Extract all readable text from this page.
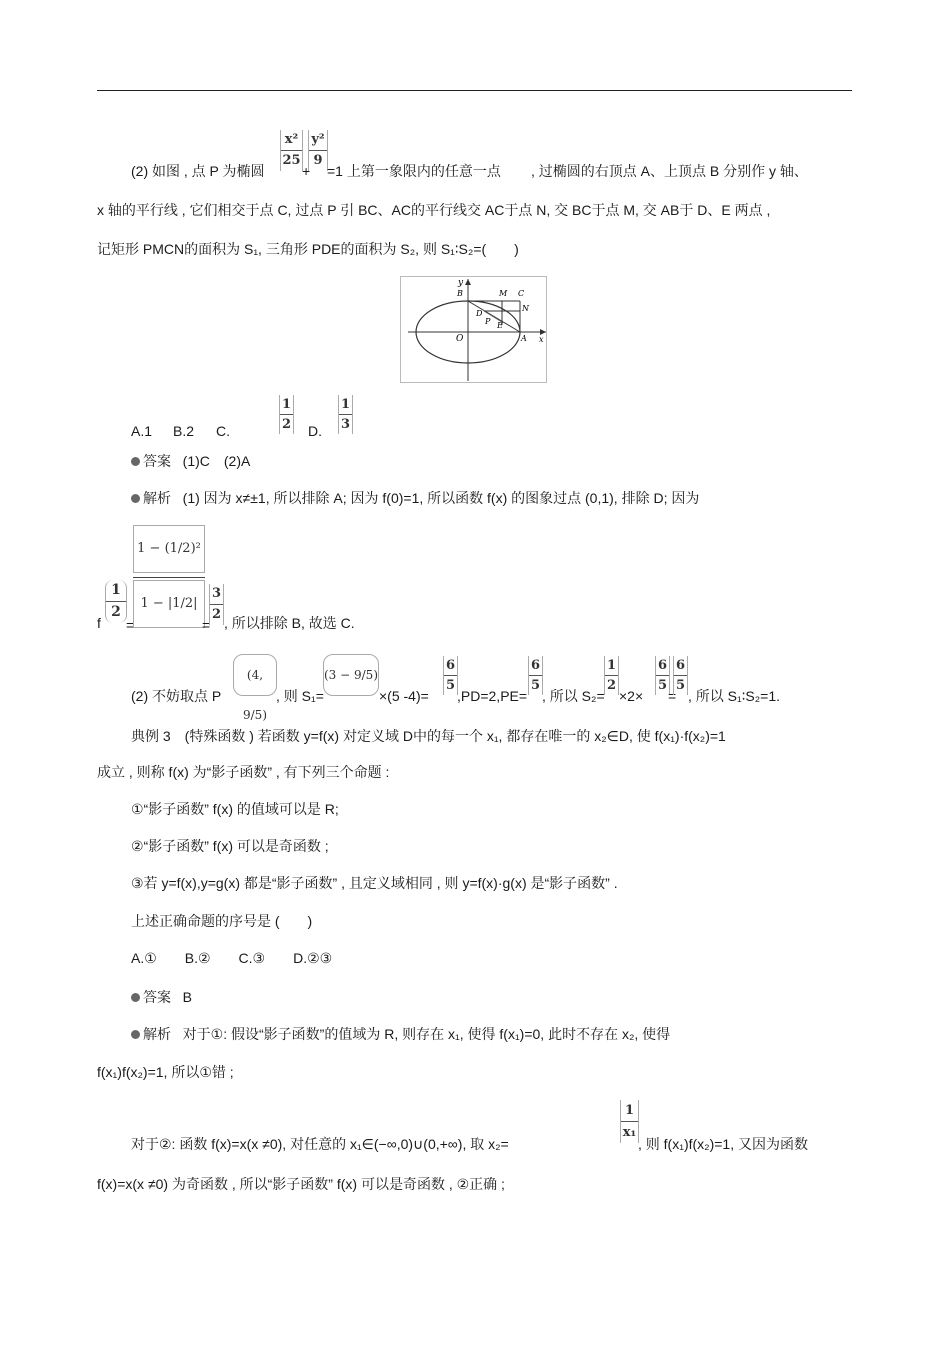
(2) 如图 , 点 P 为椭圆 $\frac{\text{x²}}{25}$ +
$\frac{\text{y²}}{9} =1$ 上第一象限内的任意一点 , 过椭圆的右顶点 A、上顶点 B 分别作 y 轴、
x 轴的平行线 , 它们相交于点 C, 过点 P 引 BC、AC的平行线交 AC于点 N, 交 BC于点 M, 交 AB于 D、E 两点 ,
记矩形 PMCN的面积为 S₁, 三角形 PDE的面积为 S₂, 则 S₁∶S₂=(　　)
y
B	M C
N
D
P E
O	A x
A.1 B.2 C.	$\frac{1}{2} D$. $\frac{1}{3}$
答案 (1)C　(2)A
解析 (1) 因为 x≠±1, 所以排除 A; 因为 f(0)=1, 所以函数 f(x) 的图象过点 (0,1), 排除 D; 因为
f $\frac{1}{2}$
=
1 − (1/2)²
1 − |1/2|
=
$\frac{3}{2}$ , 所以排除 B, 故选 C.
(2) 不妨取点 P
(4, 9/5)
, 则 S₁=
(3 − 9/5)
×(5 -4)=
$\frac{6}{5}$
,PD=2,PE=
$\frac{6}{5}$
, 所以 S₂=
$\frac{1}{2}$
×2×
$\frac{6}{5}$
=
$\frac{6}{5}$
, 所以 S₁∶S₂=1.
典例 3　(特殊函数 ) 若函数 y=f(x) 对定义域 D中的每一个 x₁, 都存在唯一的 x₂∈D, 使 f(x₁)·f(x₂)=1
成立 , 则称 f(x) 为“影子函数” , 有下列三个命题 :
①“影子函数” f(x) 的值域可以是 R;
②“影子函数” f(x) 可以是奇函数 ;
③若 y=f(x),y=g(x) 都是“影子函数” , 且定义域相同 , 则 y=f(x)·g(x) 是“影子函数” .
上述正确命题的序号是 (　　)
A.①　　B.②　　C.③　　D.②③
答案 B
解析 对于①: 假设“影子函数”的值域为 R, 则存在 x₁, 使得 f(x₁)=0, 此时不存在 x₂, 使得
f(x₁)f(x₂)=1, 所以①错 ;
对于②: 函数 f(x)=x(x ≠0), 对任意的 x₁∈(−∞,0)∪(0,+∞), 取 x₂=
$\frac{1}{\text{x₁}}$
, 则 f(x₁)f(x₂)=1, 又因为函数
f(x)=x(x ≠0) 为奇函数 , 所以“影子函数” f(x) 可以是奇函数 , ②正确 ;
